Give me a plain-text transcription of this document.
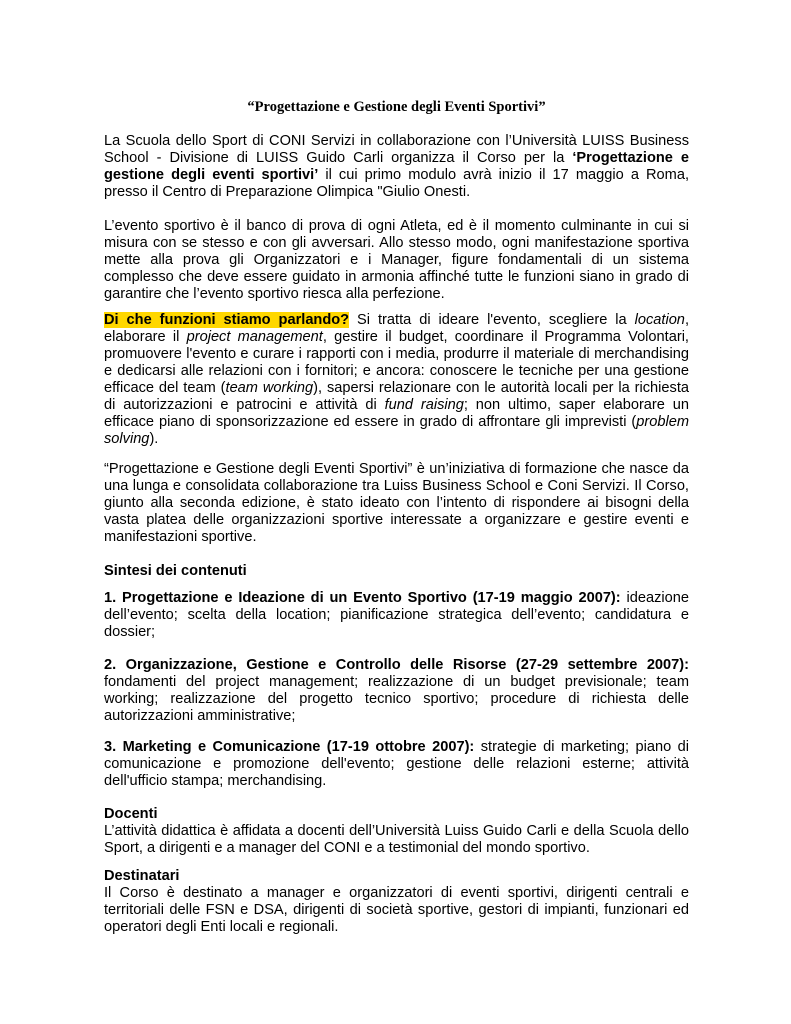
“Progettazione e Gestione degli Eventi Sportivi”

La Scuola dello Sport di CONI Servizi in collaborazione con l’Università LUISS Business School - Divisione di LUISS Guido Carli organizza il Corso per la ‘Progettazione e gestione degli eventi sportivi’ il cui primo modulo avrà inizio il 17 maggio a Roma, presso il Centro di Preparazione Olimpica "Giulio Onesti.

L’evento sportivo è il banco di prova di ogni Atleta, ed è il momento culminante in cui si misura con se stesso e con gli avversari. Allo stesso modo, ogni manifestazione sportiva mette alla prova gli Organizzatori e i Manager, figure fondamentali di un sistema complesso che deve essere guidato in armonia affinché tutte le funzioni siano in grado di garantire che l’evento sportivo riesca alla perfezione.

Di che funzioni stiamo parlando? Si tratta di ideare l'evento, scegliere la location, elaborare il project management, gestire il budget, coordinare il Programma Volontari, promuovere l'evento e curare i rapporti con i media, produrre il materiale di merchandising e dedicarsi alle relazioni con i fornitori; e ancora: conoscere le tecniche per una gestione efficace del team (team working), sapersi relazionare con le autorità locali per la richiesta di autorizzazioni e patrocini e attività di fund raising; non ultimo, saper elaborare un efficace piano di sponsorizzazione ed essere in grado di affrontare gli imprevisti (problem solving).

“Progettazione e Gestione degli Eventi Sportivi” è un’iniziativa di formazione che nasce da una lunga e consolidata collaborazione tra Luiss Business School e Coni Servizi. Il Corso, giunto alla seconda edizione, è stato ideato con l’intento di rispondere ai bisogni della vasta platea delle organizzazioni sportive interessate a organizzare e gestire eventi e manifestazioni sportive.

Sintesi dei contenuti

1. Progettazione e Ideazione di un Evento Sportivo (17-19 maggio 2007): ideazione dell’evento; scelta della location; pianificazione strategica dell’evento; candidatura e dossier;

2. Organizzazione, Gestione e Controllo delle Risorse (27-29 settembre 2007): fondamenti del project management; realizzazione di un budget previsionale; team working; realizzazione del progetto tecnico sportivo; procedure di richiesta delle autorizzazioni amministrative;

3. Marketing e Comunicazione (17-19 ottobre 2007): strategie di marketing; piano di comunicazione e promozione dell'evento; gestione delle relazioni esterne; attività dell'ufficio stampa; merchandising.

Docenti

L’attività didattica è affidata a docenti dell’Università Luiss Guido Carli e della Scuola dello Sport, a dirigenti e a manager del CONI e a testimonial del mondo sportivo.

Destinatari

Il Corso è destinato a manager e organizzatori di eventi sportivi, dirigenti centrali e territoriali delle FSN e DSA, dirigenti di società sportive, gestori di impianti, funzionari ed operatori degli Enti locali e regionali.
